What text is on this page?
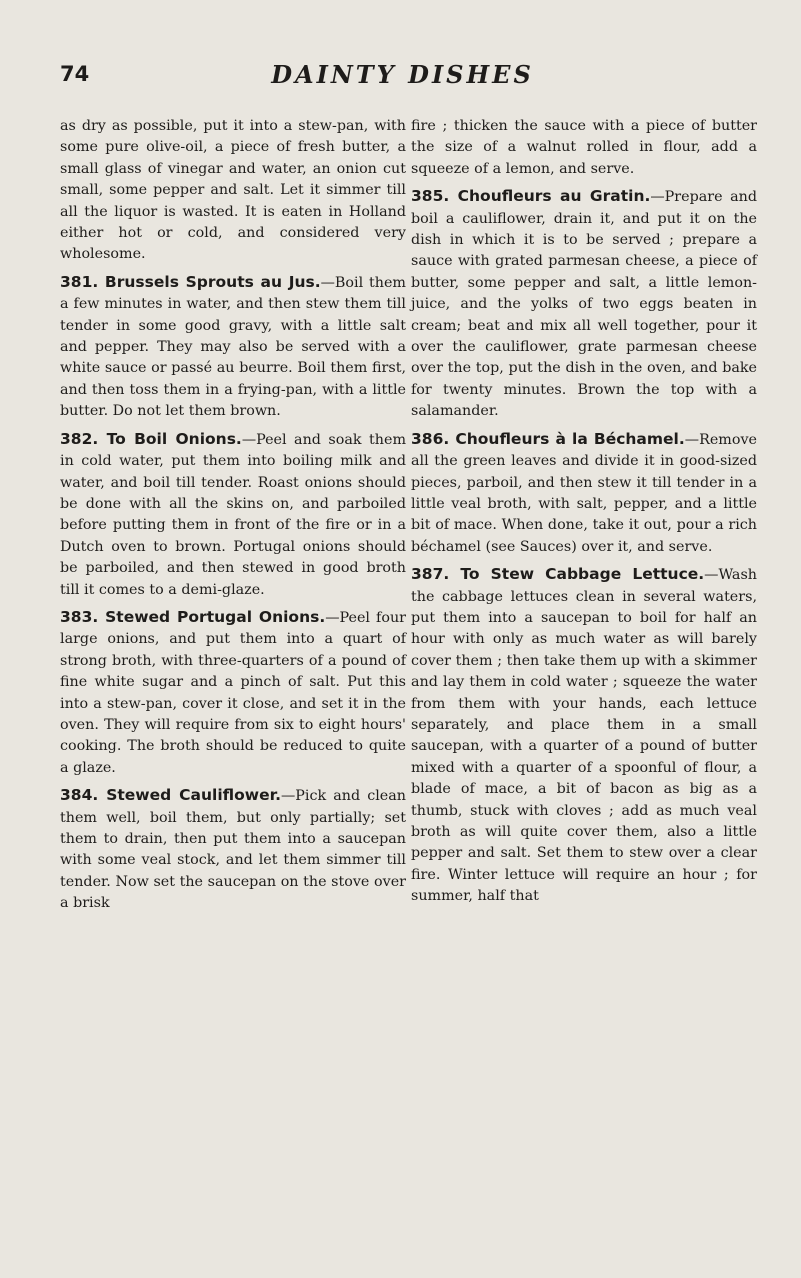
74	DAINTY DISHES

as dry as possible, put it into a stew-pan, with some pure olive-oil, a piece of fresh butter, a small glass of vinegar and water, an onion cut small, some pepper and salt. Let it simmer till all the liquor is wasted. It is eaten in Holland either hot or cold, and considered very wholesome.

381. Brussels Sprouts au Jus.—Boil them a few minutes in water, and then stew them till tender in some good gravy, with a little salt and pepper. They may also be served with a white sauce or passé au beurre. Boil them first, and then toss them in a frying-pan, with a little butter. Do not let them brown.

382. To Boil Onions.—Peel and soak them in cold water, put them into boiling milk and water, and boil till tender. Roast onions should be done with all the skins on, and parboiled before putting them in front of the fire or in a Dutch oven to brown. Portugal onions should be parboiled, and then stewed in good broth till it comes to a demi-glaze.

383. Stewed Portugal Onions.—Peel four large onions, and put them into a quart of strong broth, with three-quarters of a pound of fine white sugar and a pinch of salt. Put this into a stew-pan, cover it close, and set it in the oven. They will require from six to eight hours' cooking. The broth should be reduced to quite a glaze.

384. Stewed Cauliflower.—Pick and clean them well, boil them, but only partially; set them to drain, then put them into a saucepan with some veal stock, and let them simmer till tender. Now set the saucepan on the stove over a brisk

fire ; thicken the sauce with a piece of butter the size of a walnut rolled in flour, add a squeeze of a lemon, and serve.

385. Choufleurs au Gratin.—Prepare and boil a cauliflower, drain it, and put it on the dish in which it is to be served ; prepare a sauce with grated parmesan cheese, a piece of butter, some pepper and salt, a little lemon-juice, and the yolks of two eggs beaten in cream; beat and mix all well together, pour it over the cauliflower, grate parmesan cheese over the top, put the dish in the oven, and bake for twenty minutes. Brown the top with a salamander.

386. Choufleurs à la Béchamel.—Remove all the green leaves and divide it in good-sized pieces, parboil, and then stew it till tender in a little veal broth, with salt, pepper, and a little bit of mace. When done, take it out, pour a rich béchamel (see Sauces) over it, and serve.

387. To Stew Cabbage Lettuce.—Wash the cabbage lettuces clean in several waters, put them into a saucepan to boil for half an hour with only as much water as will barely cover them ; then take them up with a skimmer and lay them in cold water ; squeeze the water from them with your hands, each lettuce separately, and place them in a small saucepan, with a quarter of a pound of butter mixed with a quarter of a spoonful of flour, a blade of mace, a bit of bacon as big as a thumb, stuck with cloves ; add as much veal broth as will quite cover them, also a little pepper and salt. Set them to stew over a clear fire. Winter lettuce will require an hour ; for summer, half that
